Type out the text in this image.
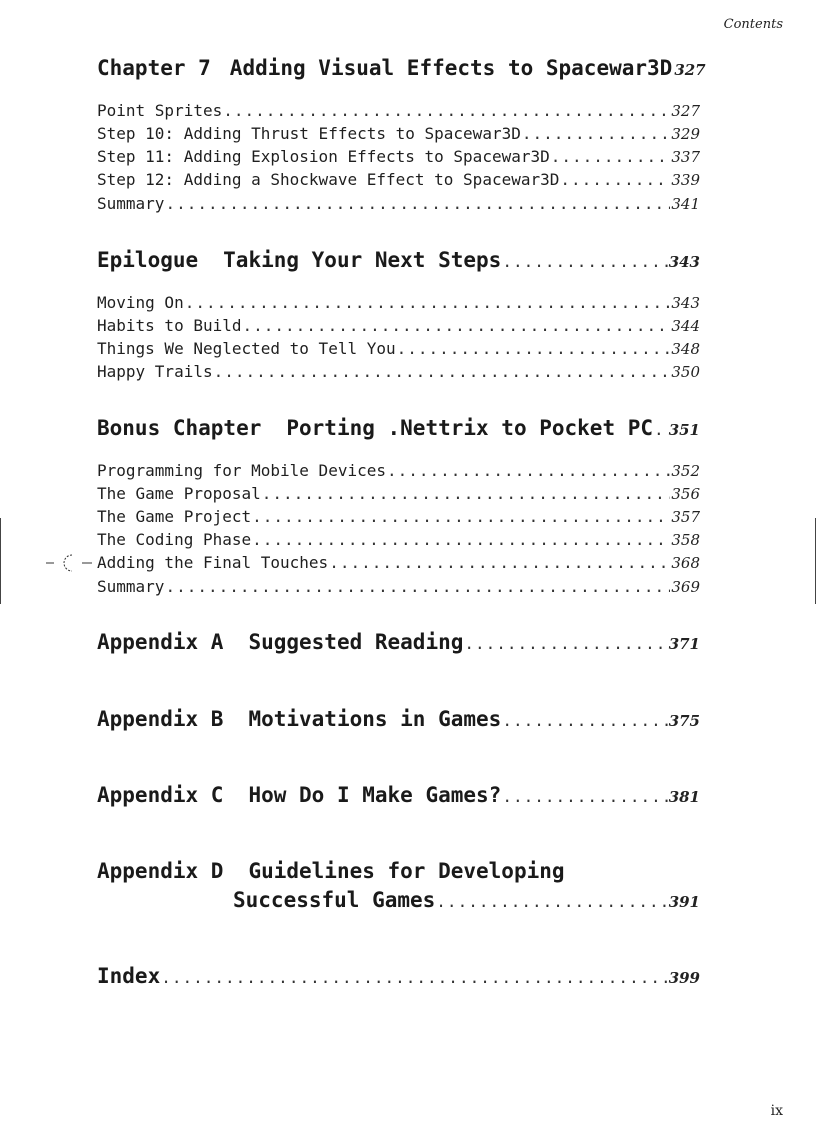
Contents
Chapter 7 Adding Visual Effects to Spacewar3D 327
Point Sprites .....	327
Step 10: Adding Thrust Effects to Spacewar3D .....	329
Step 11: Adding Explosion Effects to Spacewar3D .....	337
Step 12: Adding a Shockwave Effect to Spacewar3D .....	339
Summary .....	341
Epilogue Taking Your Next Steps .....	343
Moving On .....	343
Habits to Build .....	344
Things We Neglected to Tell You .....	348
Happy Trails .....	350
Bonus Chapter Porting .Nettrix to Pocket PC ..... 351
Programming for Mobile Devices .....	352
The Game Proposal .....	356
The Game Project .....	357
The Coding Phase .....	358
Adding the Final Touches .....	368
Summary .....	369
Appendix A Suggested Reading .....	371
Appendix B Motivations in Games .....	375
Appendix C How Do I Make Games? .....	381
Appendix D Guidelines for Developing
Successful Games .....	391
Index .....	399
ix
